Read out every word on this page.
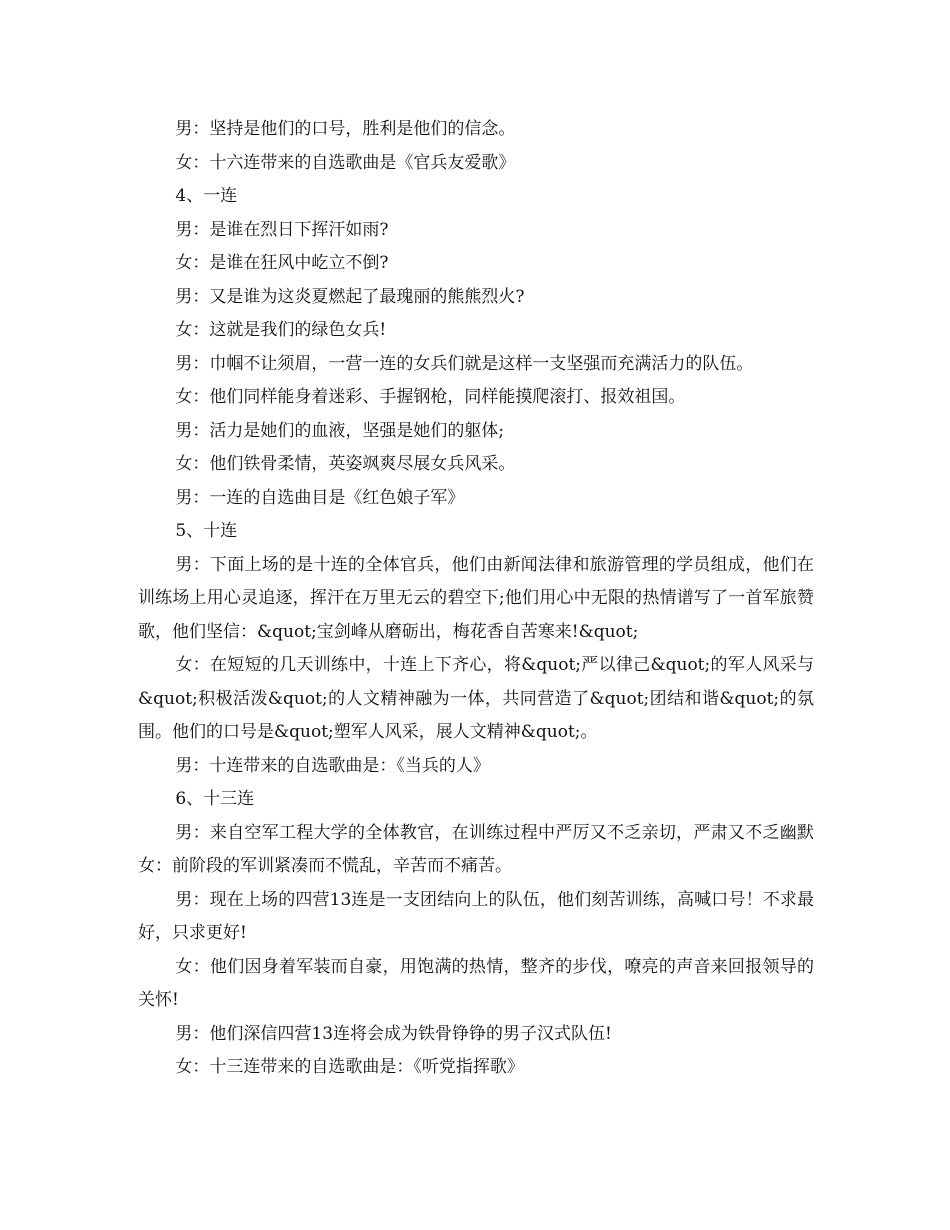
男：坚持是他们的口号，胜利是他们的信念。

女：十六连带来的自选歌曲是《官兵友爱歌》

4、一连

男：是谁在烈日下挥汗如雨?

女：是谁在狂风中屹立不倒?

男：又是谁为这炎夏燃起了最瑰丽的熊熊烈火?

女：这就是我们的绿色女兵!

男：巾帼不让须眉，一营一连的女兵们就是这样一支坚强而充满活力的队伍。

女：他们同样能身着迷彩、手握钢枪，同样能摸爬滚打、报效祖国。

男：活力是她们的血液，坚强是她们的躯体;

女：他们铁骨柔情，英姿飒爽尽展女兵风采。

男：一连的自选曲目是《红色娘子军》

5、十连

男：下面上场的是十连的全体官兵，他们由新闻法律和旅游管理的学员组成，他们在训练场上用心灵追逐，挥汗在万里无云的碧空下;他们用心中无限的热情谱写了一首军旅赞歌，他们坚信：&quot;宝剑峰从磨砺出，梅花香自苦寒来!&quot;

女：在短短的几天训练中，十连上下齐心，将&quot;严以律己&quot;的军人风采与&quot;积极活泼&quot;的人文精神融为一体，共同营造了&quot;团结和谐&quot;的氛围。他们的口号是&quot;塑军人风采，展人文精神&quot;。

男：十连带来的自选歌曲是：《当兵的人》

6、十三连

男：来自空军工程大学的全体教官，在训练过程中严厉又不乏亲切，严肃又不乏幽默 女：前阶段的军训紧凑而不慌乱，辛苦而不痛苦。

男：现在上场的四营13连是一支团结向上的队伍，他们刻苦训练，高喊口号！不求最好，只求更好!

女：他们因身着军装而自豪，用饱满的热情，整齐的步伐，嘹亮的声音来回报领导的关怀!

男：他们深信四营13连将会成为铁骨铮铮的男子汉式队伍!

女：十三连带来的自选歌曲是：《听党指挥歌》
